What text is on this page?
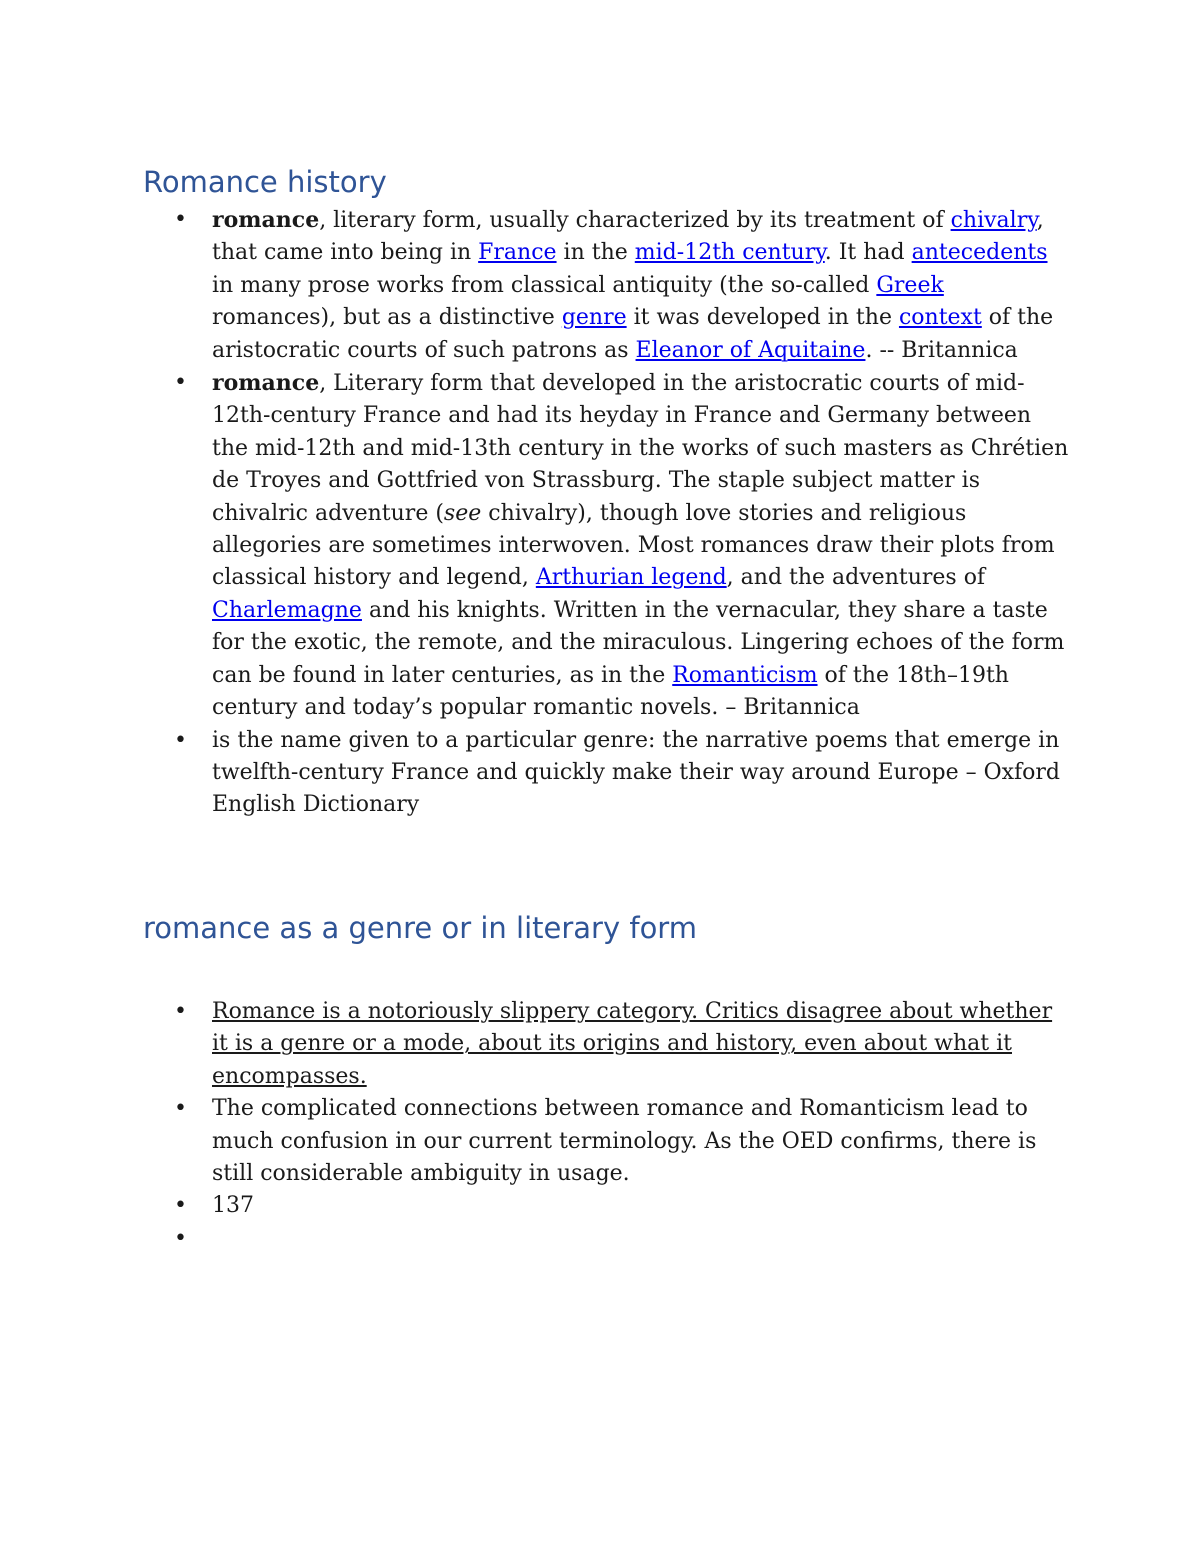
Romance history
• romance, literary form, usually characterized by its treatment of chivalry, that came into being in France in the mid-12th century. It had antecedents in many prose works from classical antiquity (the so-called Greek romances), but as a distinctive genre it was developed in the context of the aristocratic courts of such patrons as Eleanor of Aquitaine. -- Britannica
• romance, Literary form that developed in the aristocratic courts of mid-12th-century France and had its heyday in France and Germany between the mid-12th and mid-13th century in the works of such masters as Chrétien de Troyes and Gottfried von Strassburg. The staple subject matter is chivalric adventure (see chivalry), though love stories and religious allegories are sometimes interwoven. Most romances draw their plots from classical history and legend, Arthurian legend, and the adventures of Charlemagne and his knights. Written in the vernacular, they share a taste for the exotic, the remote, and the miraculous. Lingering echoes of the form can be found in later centuries, as in the Romanticism of the 18th–19th century and today’s popular romantic novels. – Britannica
• is the name given to a particular genre: the narrative poems that emerge in twelfth-century France and quickly make their way around Europe – Oxford English Dictionary
romance as a genre or in literary form
• Romance is a notoriously slippery category. Critics disagree about whether it is a genre or a mode, about its origins and history, even about what it encompasses.
• The complicated connections between romance and Romanticism lead to much confusion in our current terminology. As the OED confirms, there is still considerable ambiguity in usage.
• 137
•
